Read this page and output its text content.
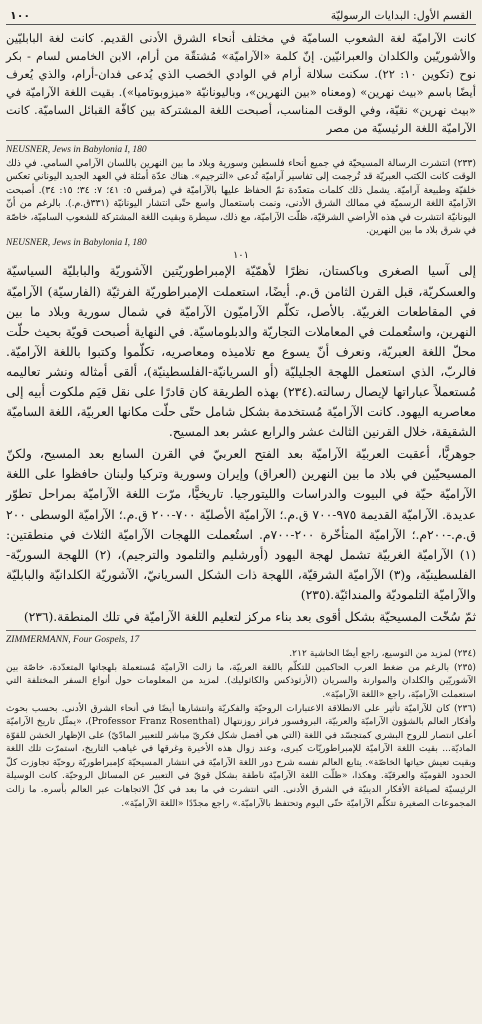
القسم الأول: البدايات الرسوليّة
١٠٠

كانت الآراميّة لغة الشعوب الساميّة في مختلف أنحاء الشرق الأدنى القديم. كانت لغة البابليّين والأشوريّين والكلدان والعبرانيّين. إنّ كلمة «الآراميّة» مُشتقّة من أرام، الابن الخامس لسام - بكر نوح (تكوين ١٠: ٢٢). سكنت سلالة أرام في الوادي الخصب الذي يُدعى فدان-أرام، والذي يُعرف أيضًا باسم «بيث نهرين» (ومعناه «بين النهرين»، وباليونانيّة «ميزوبوتاميا»). بقيت اللغة الآراميّة في «بيث نهرين» نقيّة، وفي الوقت المناسب، أصبحت اللغة المشتركة بين كافّة القبائل الساميّة. كانت الآراميّة اللغة الرئيسيّة من مصر

NEUSNER, Jews in Babylonia I, 180

(٢٣٣) انتشرت الرسالة المسيحيّة في جميع أنحاء فلسطين وسورية وبلاد ما بين النهرين باللسان الآرامي السامي. في ذلك الوقت كانت الكتب العبريّة قد تُرجمت إلى تفاسير آراميّة تُدعى «الترجيم». هناك عدّة أمثلة في العهد الجديد اليوناني تعكس خلفيّة وطبيعة آراميّة. يشمل ذلك كلمات متعدّدة تمّ الحفاظ عليها بالآراميّة في (مرقس ٥: ٤١؛ ٧: ٣٤؛ ١٥: ٣٤). أصبحت الآراميّة اللغة الرسميّة في ممالك الشرق الأدنى، ونمت باستعمال واسع حتّى انتشار اليونانيّة (٣٣١ق.م.). بالرغم من أنّ اليونانيّة انتشرت في هذه الأراضي الشرقيّة، ظلّت الآراميّة، مع ذلك، سيطرة وبقيت اللغة المشتركة للشعوب الساميّة، خاصّة في شرق بلاد ما بين النهرين.

NEUSNER, Jews in Babylonia I, 180
١٠١

إلى آسيا الصغرى وباكستان، نظرًا لأهمّيّة الإمبراطوريّتين الآشوريّة والبابليّة السياسيّة والعسكريّة، قبل القرن الثامن ق.م. أيضًا، استعملت الإمبراطوريّة الفرثيّة (الفارسيّة) الآراميّة في المقاطعات الغربيّة. بالأصل، تكلّم الآراميّون الآراميّة في شمال سورية وبلاد ما بين النهرين، واستُعملت في المعاملات التجاريّة والدبلوماسيّة. في النهاية أصبحت قويّة بحيث حلّت محلّ اللغة العبريّة، ونعرف أنّ يسوع مع تلاميذه ومعاصريه، تكلّموا وكتبوا باللغة الآراميّة. فالربّ، الذي استعمل اللهجة الجليليّة (أو السريانيّة-الفلسطينيّة)، ألقى أمثاله ونشر تعاليمه مُستعملاً عباراتها لإيصال رسالته.(٢٣٤) بهذه الطريقة كان قادرًا على نقل قيَم ملكوت أبيه إلى معاصريه اليهود. كانت الآراميّة مُستخدمة بشكل شامل حتّى حلّت مكانها العربيّة، اللغة الساميّة الشقيقة، خلال القرنين الثالث عشر والرابع عشر بعد المسيح.

جوهريًّا، أعقبت العربيّة الآراميّة بعد الفتح العربيّ في القرن السابع بعد المسيح، ولكنّ المسيحيّين في بلاد ما بين النهرين (العراق) وإيران وسورية وتركيا ولبنان حافظوا على اللغة الآراميّة حيّة في البيوت والدراسات والليتورجيا. تاريخيًّا، مرّت اللغة الآراميّة بمراحل تطوّر عديدة. الآراميّة القديمة ٩٧٥-٧٠٠ ق.م.؛ الآراميّة الأصليّة ٧٠٠-٢٠٠ ق.م.؛ الآراميّة الوسطى ٢٠٠ ق.م.-٢٠٠م.؛ الآراميّة المتأخّرة ٢٠٠-٧٠٠م. استُعملت اللهجات الآراميّة الثلاث في منطقتين: (١) الآراميّة الغربيّة تشمل لهجة اليهود (أورشليم والتلمود والترجيم)، (٢) اللهجة السوريّة-الفلسطينيّة، و(٣) الآراميّة الشرقيّة، اللهجة ذات الشكل السريانيّ، الآشوريّة الكلدانيّة والبابليّة والآراميّة التلموديّة والمندائيّة.(٢٣٥)

ثمّ سُخّت المسيحيّة بشكل أقوى بعد بناء مركز لتعليم اللغة الآراميّة في تلك المنطقة.(٢٣٦)

ZIMMERMANN, Four Gospels, 17

(٢٣٤) لمزيد من التوسيع، راجع أيضًا الحاشية ٢١٢.

(٢٣٥) بالرغم من ضغط العرب الحاكمين للتكلّم باللغة العربيّة، ما زالت الآراميّة مُستعملة بلهجاتها المتعدّدة، خاصّة بين الآشوريّين والكلدان والموارنة والسريان (الأرثوذكس والكاثوليك). لمزيد من المعلومات حول أنواع السفر المختلفة التي استعملت الآراميّة، راجع «اللغة الآراميّة».

(٢٣٦) كان للآراميّة تأثير على الانطلاقة الاعتبارات الروحيّة والفكريّة وانتشارها أيضًا في أنحاء الشرق الأدنى. بحسب بحوث وأفكار العالم بالشؤون الآراميّة والعربيّة، البروفسور فرانز روزنتهال (Professor Franz Rosenthal)، «يمثّل تاريخ الآراميّة أعلى انتصار للروح البشري كمتجسّد في اللغة (التي هي أفضل شكل فكريّ مباشر للتعبير المادّيّ) على الإظهار الخشن للقوّة الماديّة... بقيت اللغة الآراميّة للإمبراطوريّات كبرى، وعند زوال هذه الأخيرة وغرقها في غياهب التاريخ، استمرّت تلك اللغة وبقيت تعيش حياتها الخاصّة». يتابع العالم نفسه شرح دور اللغة الآراميّة في انتشار المسيحيّة كإمبراطوريّة روحيّة تجاوزت كلّ الحدود القوميّة والعرقيّة. وهكذا، «ظلّت اللغة الآراميّة ناطقة بشكل قويّ في التعبير عن المسائل الروحيّة. كانت الوسيلة الرئيسيّة لصياغة الأفكار الدينيّة في الشرق الأدنى. التي انتشرت في ما بعد في كلّ الاتجاهات عبر العالم بأسره. ما زالت المجموعات الصغيرة تتكلّم الآراميّة حتّى اليوم وتحتفظ بالآراميّة.» راجع مجدّدًا «اللغة الآراميّة».
